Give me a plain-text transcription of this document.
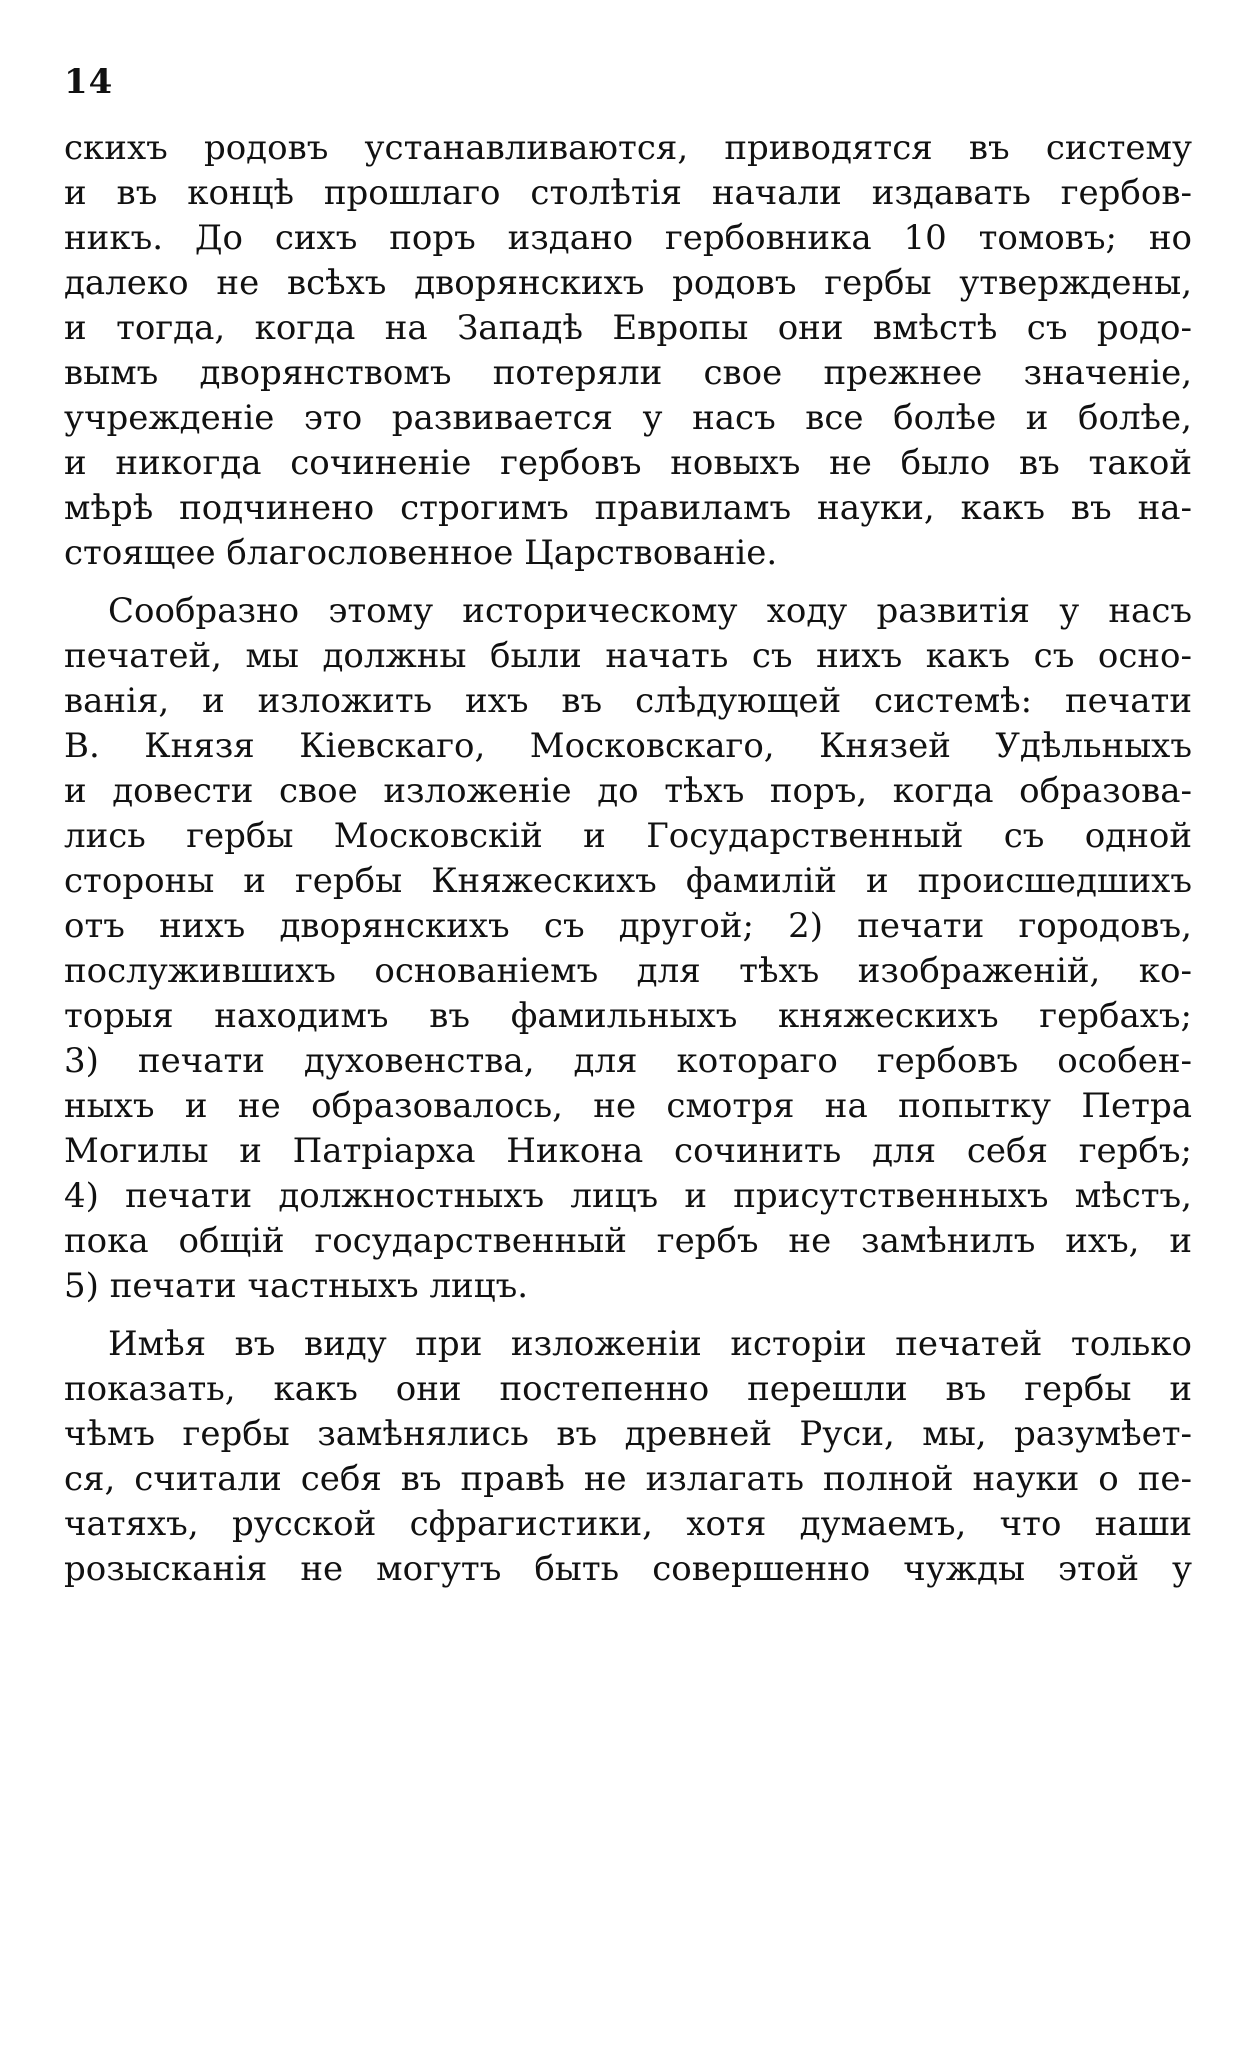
14
скихъ родовъ устанавливаются, приводятся въ систему
и въ концѣ прошлаго столѣтія начали издавать гербов-
никъ. До сихъ поръ издано гербовника 10 томовъ; но
далеко не всѣхъ дворянскихъ родовъ гербы утверждены,
и тогда, когда на Западѣ Европы они вмѣстѣ съ родо-
вымъ дворянствомъ потеряли свое прежнее значеніе,
учрежденіе это развивается у насъ все болѣе и болѣе,
и никогда сочиненіе гербовъ новыхъ не было въ такой
мѣрѣ подчинено строгимъ правиламъ науки, какъ въ на-
стоящее благословенное Царствованіе.
Сообразно этому историческому ходу развитія у насъ
печатей, мы должны были начать съ нихъ какъ съ осно-
ванія, и изложить ихъ въ слѣдующей системѣ: печати
В. Князя Кіевскаго, Московскаго, Князей Удѣльныхъ
и довести свое изложеніе до тѣхъ поръ, когда образова-
лись гербы Московскій и Государственный съ одной
стороны и гербы Княжескихъ фамилій и происшедшихъ
отъ нихъ дворянскихъ съ другой; 2) печати городовъ,
послужившихъ основаніемъ для тѣхъ изображеній, ко-
торыя находимъ въ фамильныхъ княжескихъ гербахъ;
3) печати духовенства, для котораго гербовъ особен-
ныхъ и не образовалось, не смотря на попытку Петра
Могилы и Патріарха Никона сочинить для себя гербъ;
4) печати должностныхъ лицъ и присутственныхъ мѣстъ,
пока общій государственный гербъ не замѣнилъ ихъ, и
5) печати частныхъ лицъ.
Имѣя въ виду при изложеніи исторіи печатей только
показать, какъ они постепенно перешли въ гербы и
чѣмъ гербы замѣнялись въ древней Руси, мы, разумѣет-
ся, считали себя въ правѣ не излагать полной науки о пе-
чатяхъ, русской сфрагистики, хотя думаемъ, что наши
розысканія не могутъ быть совершенно чужды этой у
